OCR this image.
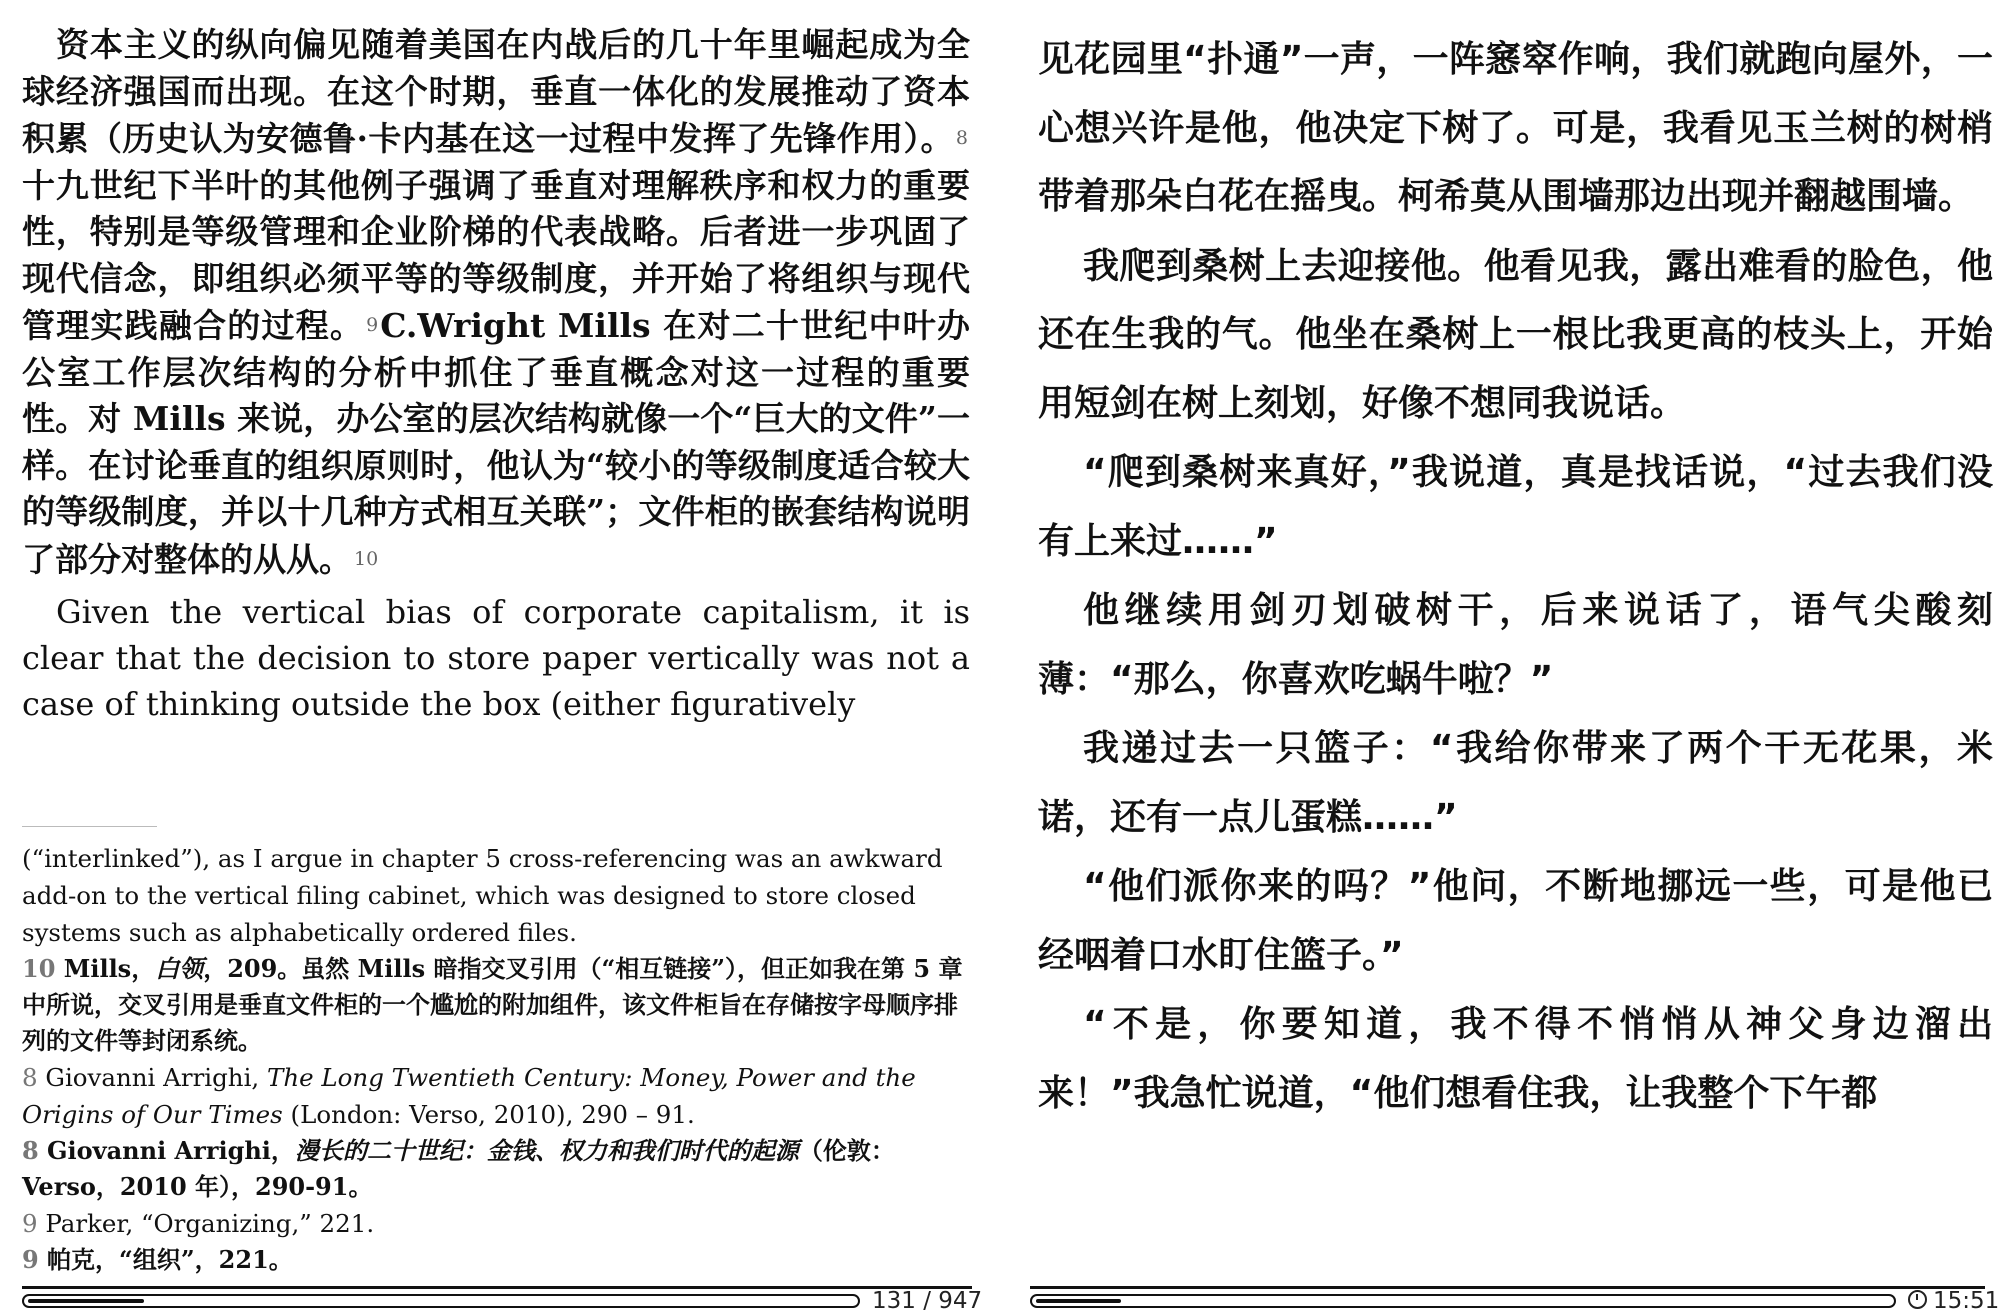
资本主义的纵向偏见随着美国在内战后的几十年里崛起成为全球经济强国而出现。在这个时期，垂直一体化的发展推动了资本积累（历史认为安德鲁·卡内基在这一过程中发挥了先锋作用）。 $^8$十九世纪下半叶的其他例子强调了垂直对理解秩序和权力的重要性，特别是等级管理和企业阶梯的代表战略。后者进一步巩固了现代信念，即组织必须平等的等级制度，并开始了将组织与现代管理实践融合的过程。 $^9$C.Wright Mills 在对二十世纪中叶办公室工作层次结构的分析中抓住了垂直概念对这一过程的重要性。对 Mills 来说，办公室的层次结构就像一个“巨大的文件”一样。在讨论垂直的组织原则时，他认为“较小的等级制度适合较大的等级制度，并以十几种方式相互关联”；文件柜的嵌套结构说明了部分对整体的从从。 $^{10}$

Given the vertical bias of corporate capitalism, it is clear that the decision to store paper vertically was not a case of thinking outside the box (either figuratively

(“interlinked”), as I argue in chapter 5 cross-referencing was an awkward add-on to the vertical filing cabinet, which was designed to store closed systems such as alphabetically ordered files.

10 Mills，白领，209。虽然 Mills 暗指交叉引用（“相互链接”），但正如我在第 5 章中所说，交叉引用是垂直文件柜的一个尴尬的附加组件，该文件柜旨在存储按字母顺序排列的文件等封闭系统。

8 Giovanni Arrighi, The Long Twentieth Century: Money, Power and the Origins of Our Times (London: Verso, 2010), 290 – 91.

8 Giovanni Arrighi，漫长的二十世纪：金钱、权力和我们时代的起源（伦敦：Verso，2010 年），290-91。

9 Parker, “Organizing,” 221.

9 帕克，“组织”，221。

131 / 947

见花园里“扑通”一声，一阵窸窣作响，我们就跑向屋外，一心想兴许是他，他决定下树了。可是，我看见玉兰树的树梢带着那朵白花在摇曳。柯希莫从围墙那边出现并翻越围墙。

我爬到桑树上去迎接他。他看见我，露出难看的脸色，他还在生我的气。他坐在桑树上一根比我更高的枝头上，开始用短剑在树上刻划，好像不想同我说话。

“爬到桑树来真好，”我说道，真是找话说，“过去我们没有上来过……”

他继续用剑刃划破树干，后来说话了，语气尖酸刻薄：“那么，你喜欢吃蜗牛啦？”

我递过去一只篮子：“我给你带来了两个干无花果，米诺，还有一点儿蛋糕……”

“他们派你来的吗？”他问，不断地挪远一些，可是他已经咽着口水盯住篮子。”

“不是，你要知道，我不得不悄悄从神父身边溜出来！”我急忙说道，“他们想看住我，让我整个下午都

15:51
